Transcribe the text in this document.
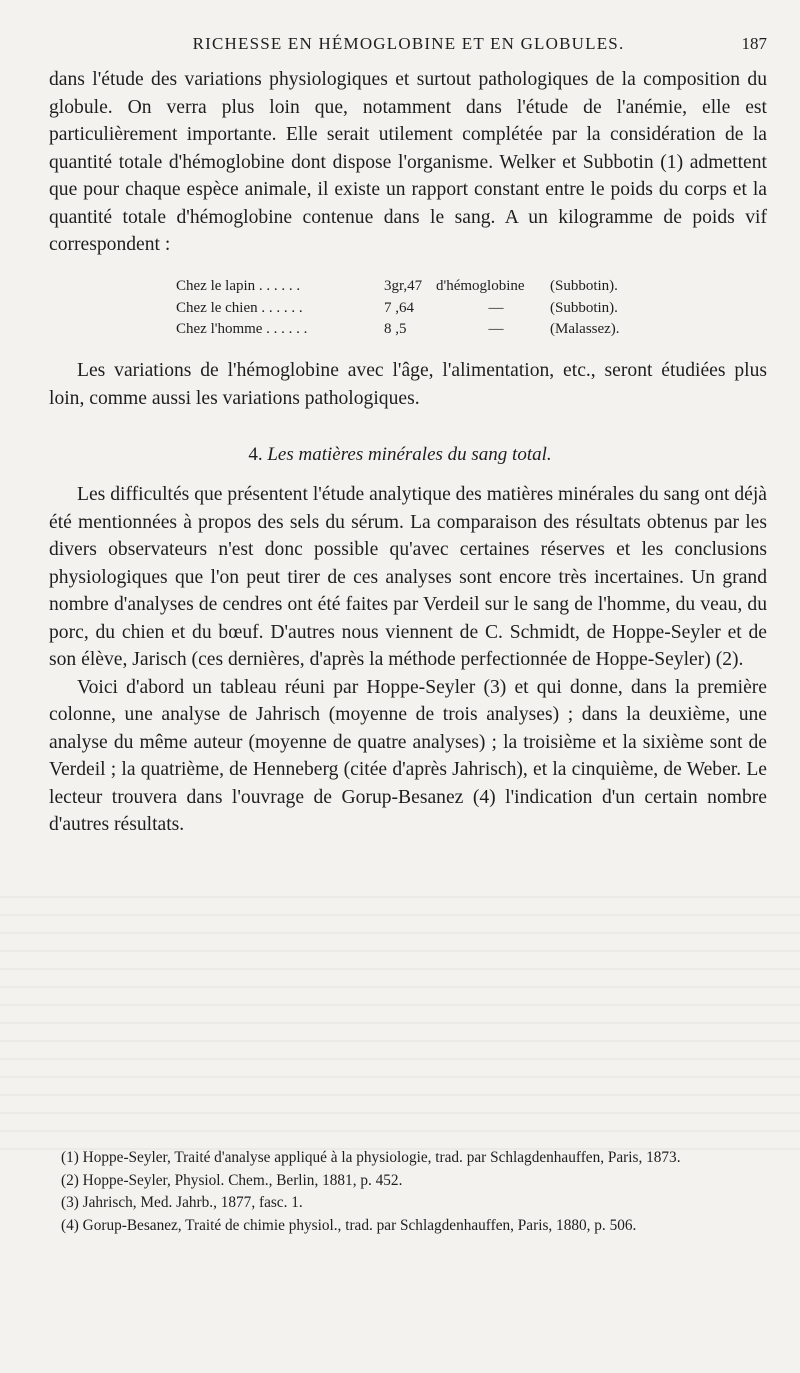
RICHESSE EN HÉMOGLOBINE ET EN GLOBULES.	187

dans l'étude des variations physiologiques et surtout pathologiques de la composition du globule. On verra plus loin que, notamment dans l'étude de l'anémie, elle est particulièrement importante. Elle serait utilement complétée par la considération de la quantité totale d'hémoglobine dont dispose l'organisme. Welker et Subbotin (1) admettent que pour chaque espèce animale, il existe un rapport constant entre le poids du corps et la quantité totale d'hémoglobine contenue dans le sang. A un kilogramme de poids vif correspondent :

Chez le lapin . . . . . .	3gr,47 d'hémoglobine (Subbotin).
Chez le chien . . . . . .	7 ,64	—	(Subbotin).
Chez l'homme . . . . . .	8 ,5	—	(Malassez).

Les variations de l'hémoglobine avec l'âge, l'alimentation, etc., seront étudiées plus loin, comme aussi les variations pathologiques.

4. Les matières minérales du sang total.

Les difficultés que présentent l'étude analytique des matières minérales du sang ont déjà été mentionnées à propos des sels du sérum. La comparaison des résultats obtenus par les divers observateurs n'est donc possible qu'avec certaines réserves et les conclusions physiologiques que l'on peut tirer de ces analyses sont encore très incertaines. Un grand nombre d'analyses de cendres ont été faites par Verdeil sur le sang de l'homme, du veau, du porc, du chien et du bœuf. D'autres nous viennent de C. Schmidt, de Hoppe-Seyler et de son élève, Jarisch (ces dernières, d'après la méthode perfectionnée de Hoppe-Seyler) (2).

Voici d'abord un tableau réuni par Hoppe-Seyler (3) et qui donne, dans la première colonne, une analyse de Jahrisch (moyenne de trois analyses) ; dans la deuxième, une analyse du même auteur (moyenne de quatre analyses) ; la troisième et la sixième sont de Verdeil ; la quatrième, de Henneberg (citée d'après Jahrisch), et la cinquième, de Weber. Le lecteur trouvera dans l'ouvrage de Gorup-Besanez (4) l'indication d'un certain nombre d'autres résultats.

(1) Hoppe-Seyler, Traité d'analyse appliqué à la physiologie, trad. par Schlagdenhauffen, Paris, 1873.

(2) Hoppe-Seyler, Physiol. Chem., Berlin, 1881, p. 452.

(3) Jahrisch, Med. Jahrb., 1877, fasc. 1.

(4) Gorup-Besanez, Traité de chimie physiol., trad. par Schlagdenhauffen, Paris, 1880, p. 506.
